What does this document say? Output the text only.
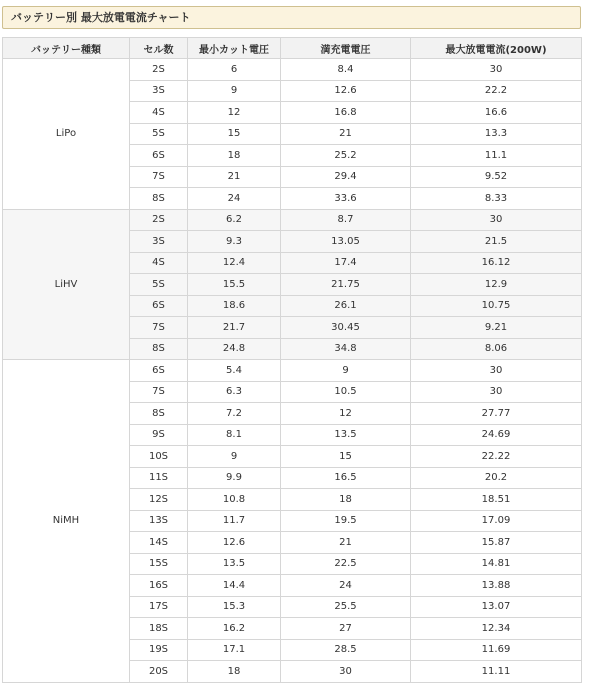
バッテリー別 最大放電電流チャート
バッテリー種類	セル数	最小カット電圧	満充電電圧	最大放電電流(200W)
LiPo	2S	6	8.4	30
	3S	9	12.6	22.2
	4S	12	16.8	16.6
	5S	15	21	13.3
	6S	18	25.2	11.1
	7S	21	29.4	9.52
	8S	24	33.6	8.33
LiHV	2S	6.2	8.7	30
	3S	9.3	13.05	21.5
	4S	12.4	17.4	16.12
	5S	15.5	21.75	12.9
	6S	18.6	26.1	10.75
	7S	21.7	30.45	9.21
	8S	24.8	34.8	8.06
NiMH	6S	5.4	9	30
	7S	6.3	10.5	30
	8S	7.2	12	27.77
	9S	8.1	13.5	24.69
	10S	9	15	22.22
	11S	9.9	16.5	20.2
	12S	10.8	18	18.51
	13S	11.7	19.5	17.09
	14S	12.6	21	15.87
	15S	13.5	22.5	14.81
	16S	14.4	24	13.88
	17S	15.3	25.5	13.07
	18S	16.2	27	12.34
	19S	17.1	28.5	11.69
	20S	18	30	11.11
